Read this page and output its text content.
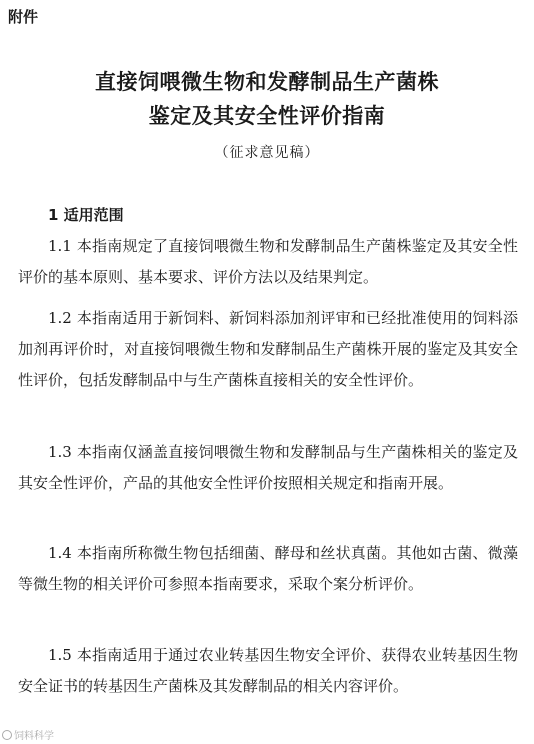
附件
直接饲喂微生物和发酵制品生产菌株
鉴定及其安全性评价指南
（征求意见稿）
1 适用范围
1.1 本指南规定了直接饲喂微生物和发酵制品生产菌株鉴定及其安全性评价的基本原则、基本要求、评价方法以及结果判定。
1.2 本指南适用于新饲料、新饲料添加剂评审和已经批准使用的饲料添加剂再评价时，对直接饲喂微生物和发酵制品生产菌株开展的鉴定及其安全性评价，包括发酵制品中与生产菌株直接相关的安全性评价。
1.3 本指南仅涵盖直接饲喂微生物和发酵制品与生产菌株相关的鉴定及其安全性评价，产品的其他安全性评价按照相关规定和指南开展。
1.4 本指南所称微生物包括细菌、酵母和丝状真菌。其他如古菌、微藻等微生物的相关评价可参照本指南要求，采取个案分析评价。
1.5 本指南适用于通过农业转基因生物安全评价、获得农业转基因生物安全证书的转基因生产菌株及其发酵制品的相关内容评价。
饲料科学
